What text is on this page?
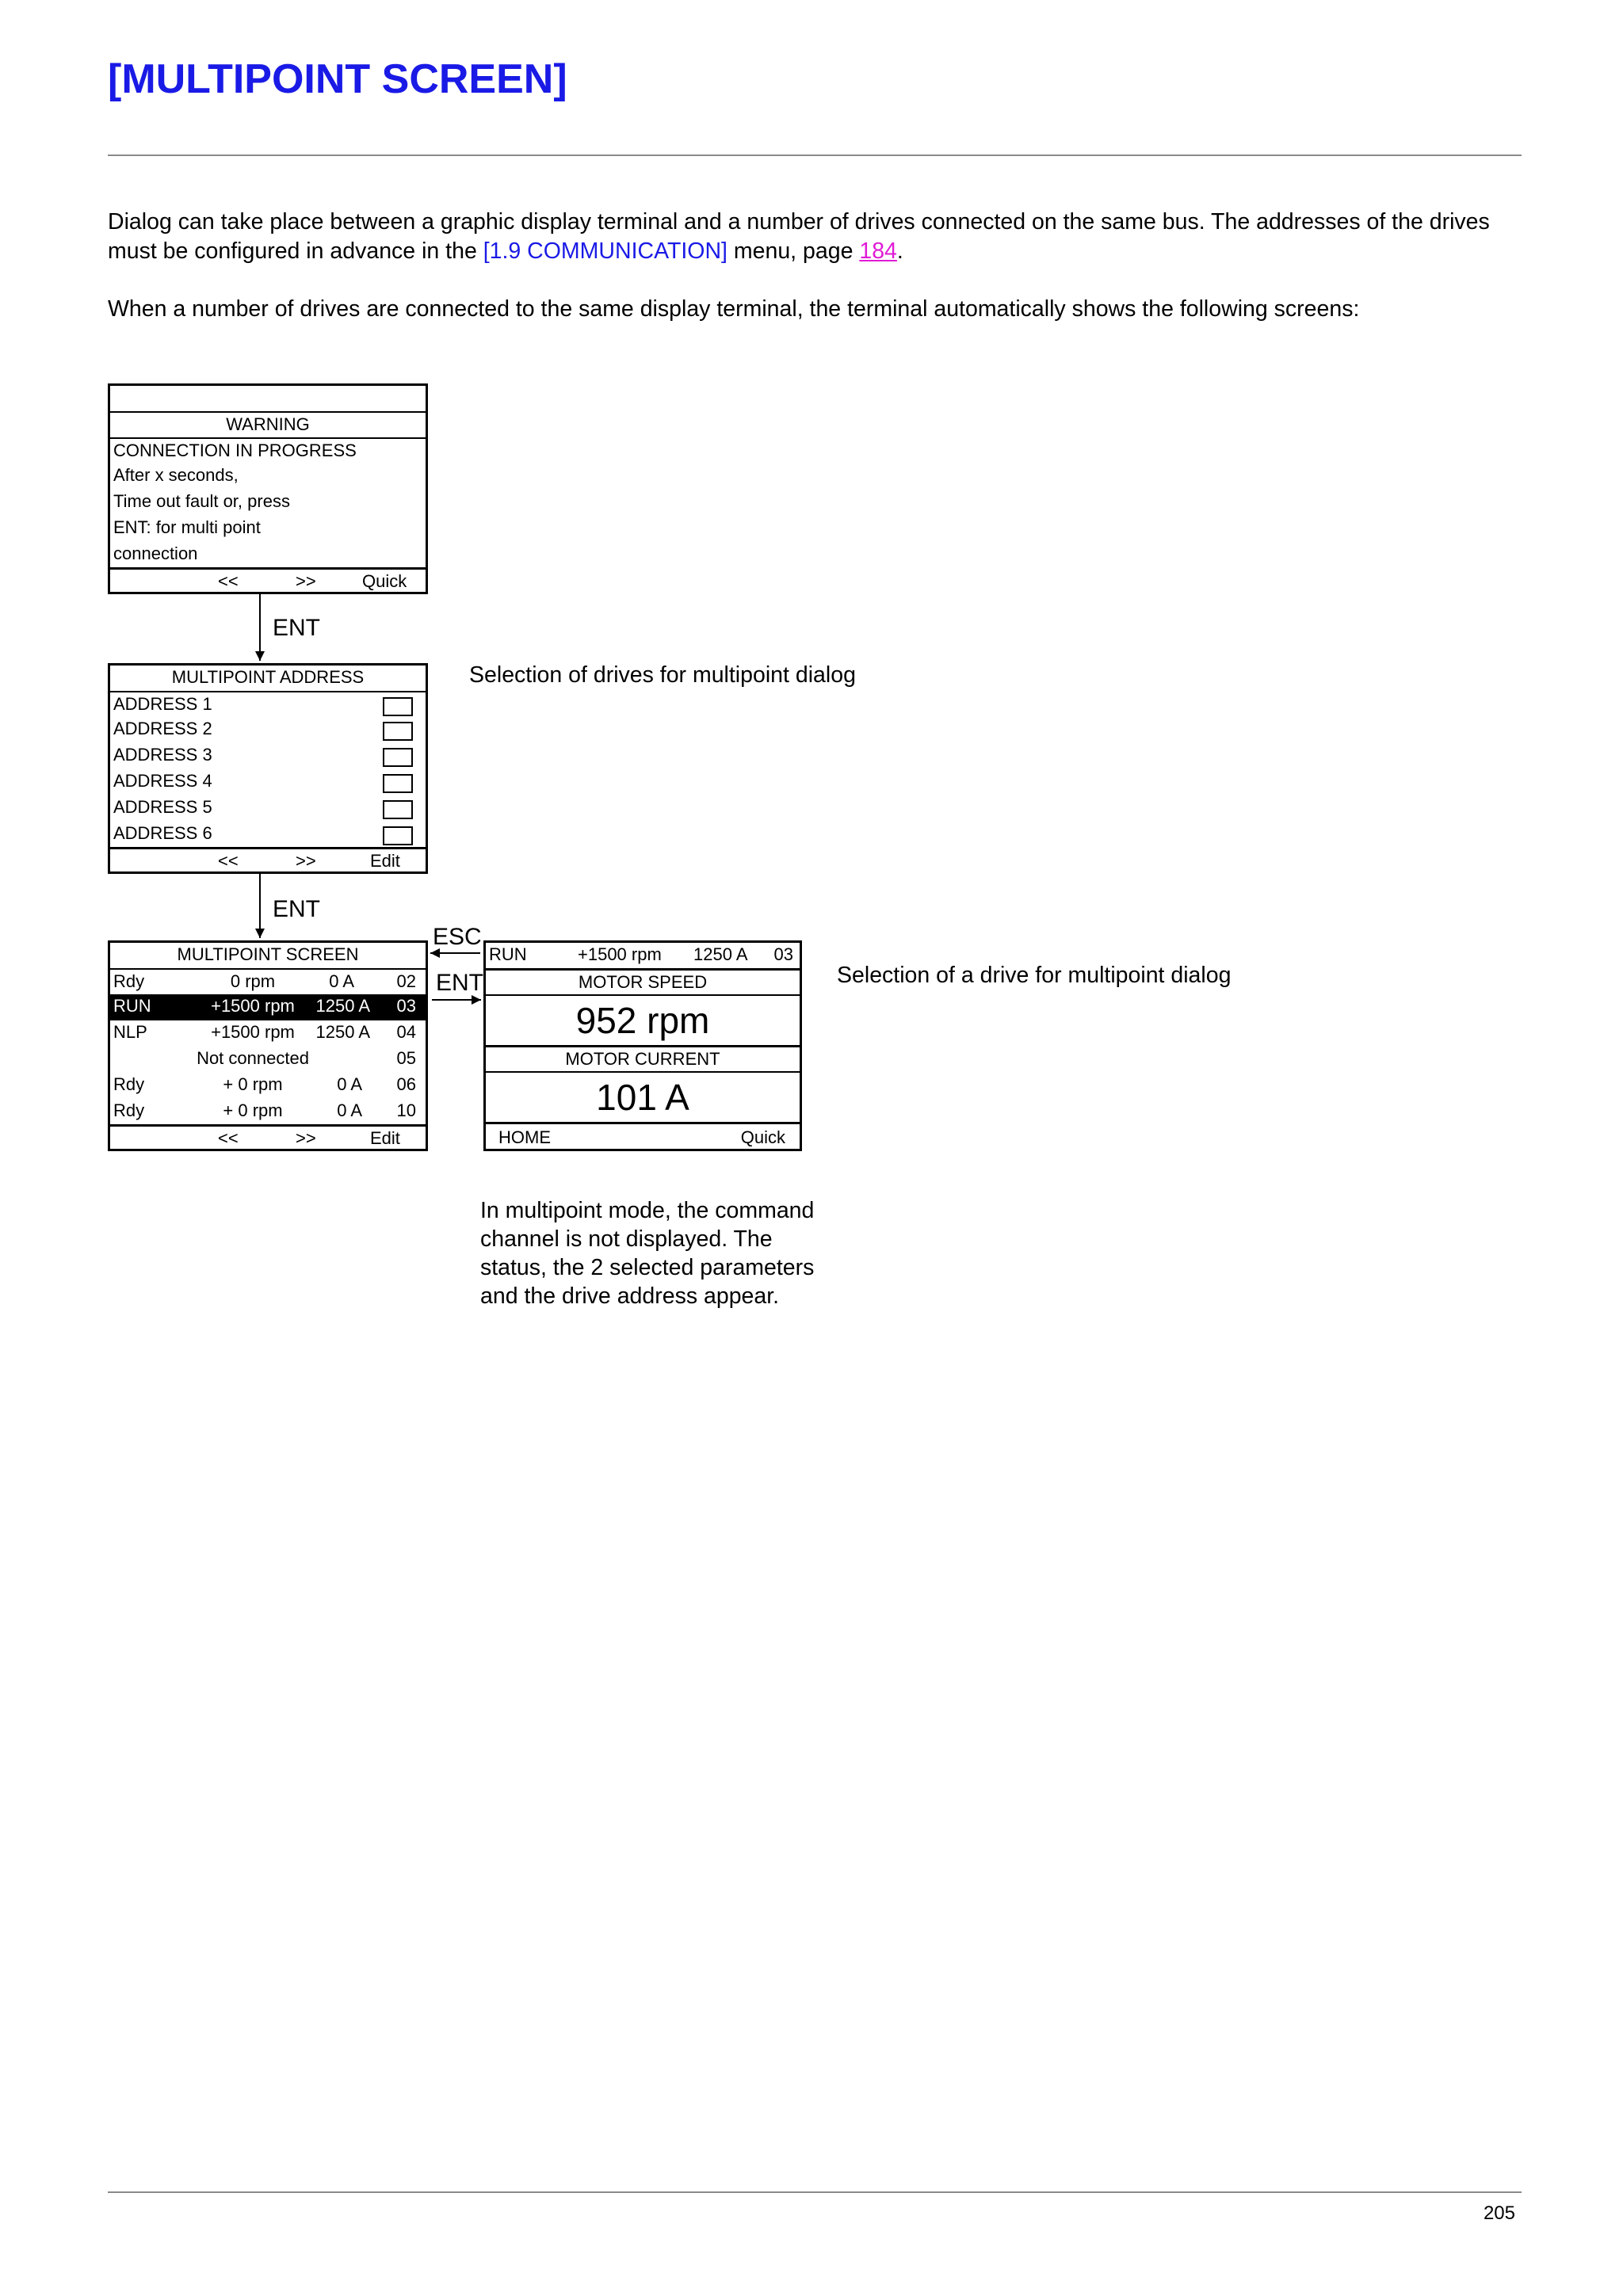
[MULTIPOINT SCREEN]

Dialog can take place between a graphic display terminal and a number of drives connected on the same bus. The addresses of the drives must be configured in advance in the [1.9 COMMUNICATION] menu, page 184.

When a number of drives are connected to the same display terminal, the terminal automatically shows the following screens:

WARNING
CONNECTION IN PROGRESS
After x seconds,
Time out fault or, press
ENT: for multi point
connection
<<	>>	Quick
MULTIPOINT ADDRESS
ADDRESS 1
ADDRESS 2
ADDRESS 3
ADDRESS 4
ADDRESS 5
ADDRESS 6
<<	>>	Edit
Selection of drives for multipoint dialog
MULTIPOINT SCREEN
Rdy	0 rpm	0 A 02
RUN	+1500 rpm	1250 A 03
NLP	+1500 rpm	1250 A 04
Not connected	05
Rdy	+ 0 rpm	0 A 06
Rdy	+ 0 rpm	0 A 10
<<	>>	Edit
RUN	+1500 rpm 1250 A 03
MOTOR SPEED
952 rpm
MOTOR CURRENT
101 A
HOME	Quick
Selection of a drive for multipoint dialog
ENT
ENT
ESC
ENT
In multipoint mode, the command
channel is not displayed. The
status, the 2 selected parameters
and the drive address appear.
205
